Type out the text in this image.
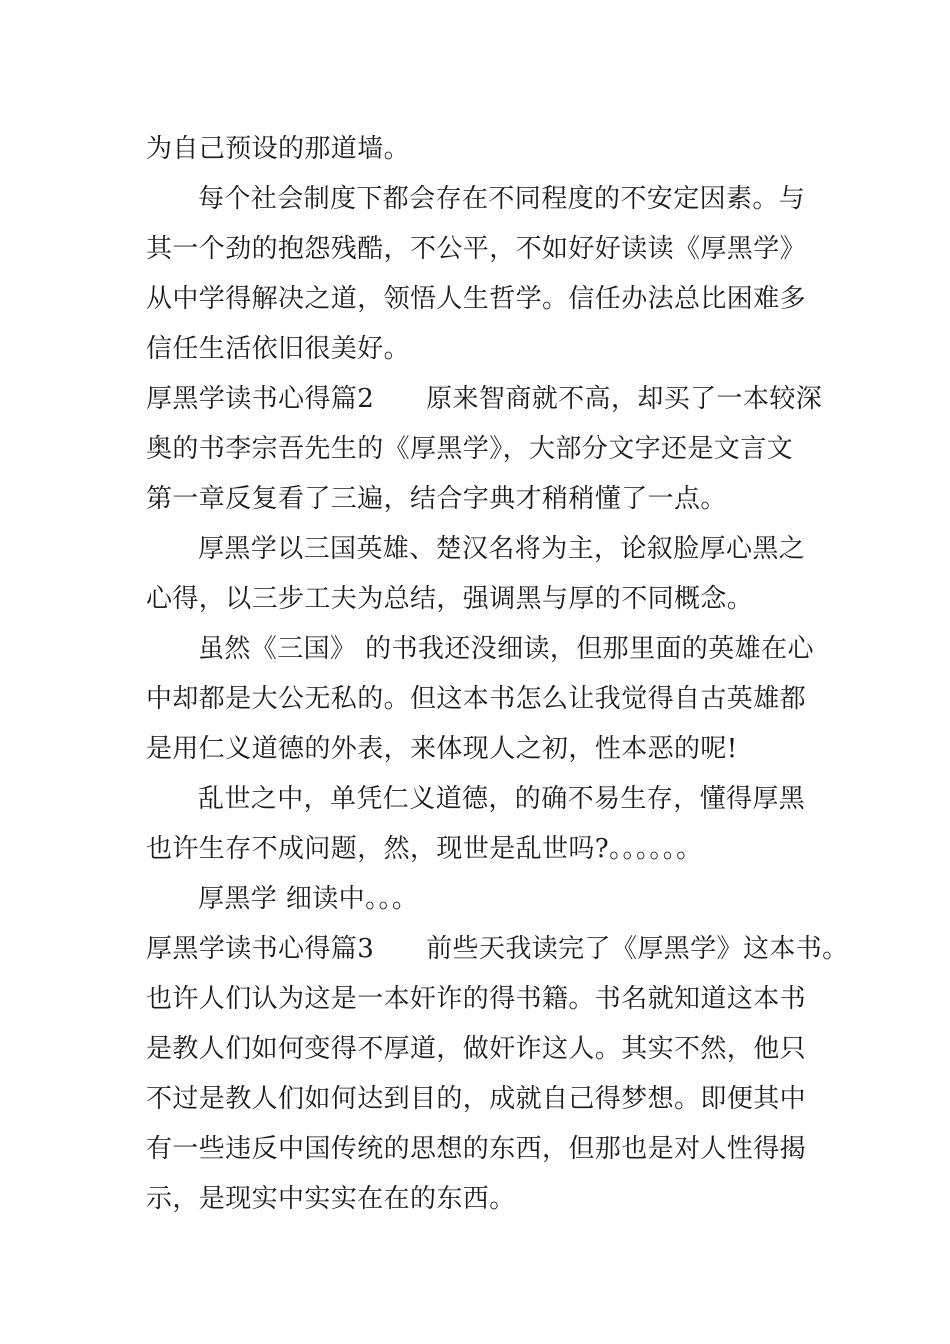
为自己预设的那道墙。
每个社会制度下都会存在不同程度的不安定因素。与
其一个劲的抱怨残酷，不公平，不如好好读读《厚黑学》
从中学得解决之道，领悟人生哲学。信任办法总比困难多
信任生活依旧很美好。
厚黑学读书心得篇2 原来智商就不高，却买了一本较深
奥的书李宗吾先生的《厚黑学》，大部分文字还是文言文
第一章反复看了三遍，结合字典才稍稍懂了一点。
厚黑学以三国英雄、楚汉名将为主，论叙脸厚心黑之
心得，以三步工夫为总结，强调黑与厚的不同概念。
虽然《三国》 的书我还没细读，但那里面的英雄在心
中却都是大公无私的。但这本书怎么让我觉得自古英雄都
是用仁义道德的外表，来体现人之初，性本恶的呢!
乱世之中，单凭仁义道德，的确不易生存，懂得厚黑
也许生存不成问题，然，现世是乱世吗?。。。。。。
厚黑学 细读中。。。
厚黑学读书心得篇3 前些天我读完了《厚黑学》这本书。
也许人们认为这是一本奸诈的得书籍。书名就知道这本书
是教人们如何变得不厚道，做奸诈这人。其实不然，他只
不过是教人们如何达到目的，成就自己得梦想。即便其中
有一些违反中国传统的思想的东西，但那也是对人性得揭
示，是现实中实实在在的东西。
